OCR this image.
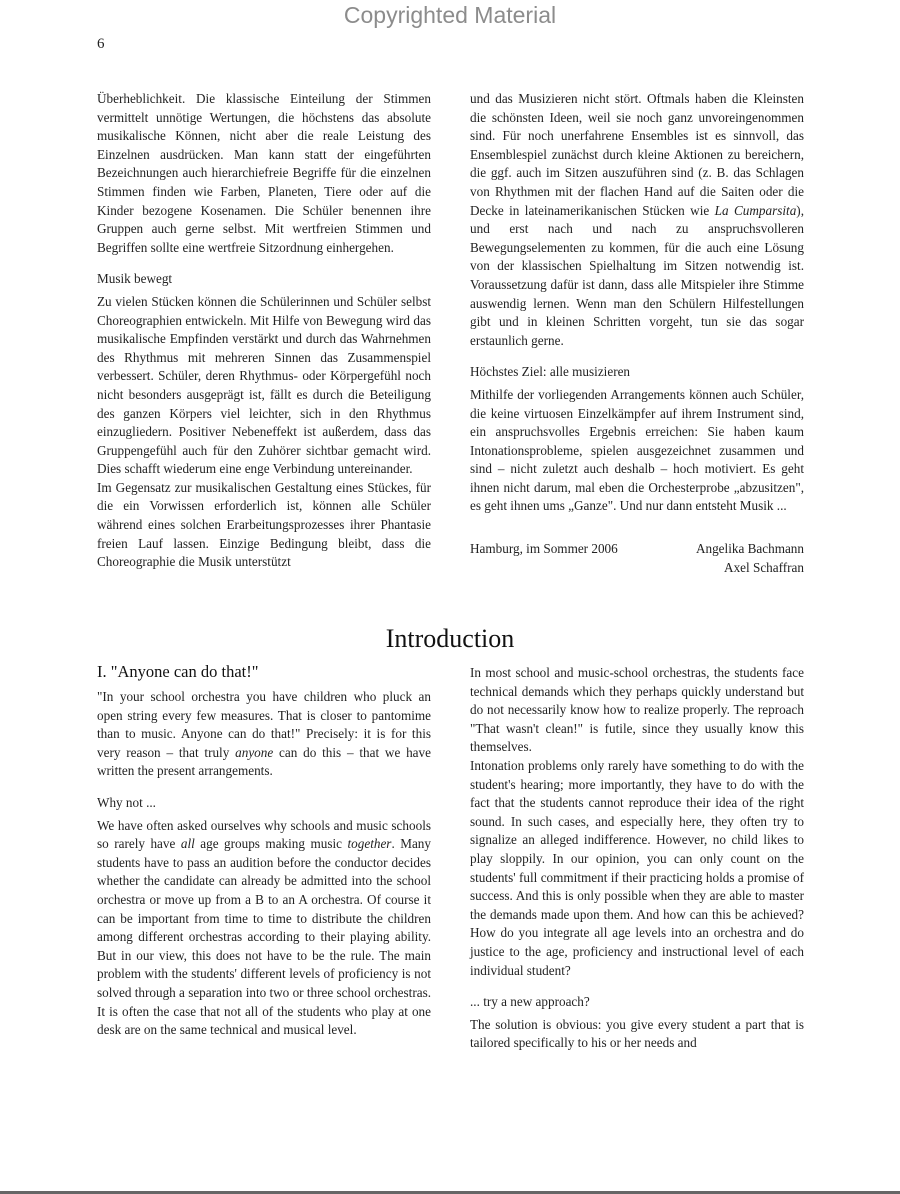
Copyrighted Material
6

Überheblichkeit. Die klassische Einteilung der Stimmen vermittelt unnötige Wertungen, die höchstens das absolute musikalische Können, nicht aber die reale Leistung des Einzelnen ausdrücken. Man kann statt der eingeführten Bezeichnungen auch hierarchiefreie Begriffe für die einzelnen Stimmen finden wie Farben, Planeten, Tiere oder auf die Kinder bezogene Kosenamen. Die Schüler benennen ihre Gruppen auch gerne selbst. Mit wertfreien Stimmen und Begriffen sollte eine wertfreie Sitzordnung einhergehen.

Musik bewegt

Zu vielen Stücken können die Schülerinnen und Schüler selbst Choreographien entwickeln. Mit Hilfe von Bewegung wird das musikalische Empfinden verstärkt und durch das Wahrnehmen des Rhythmus mit mehreren Sinnen das Zusammenspiel verbessert. Schüler, deren Rhythmus- oder Körpergefühl noch nicht besonders ausgeprägt ist, fällt es durch die Beteiligung des ganzen Körpers viel leichter, sich in den Rhythmus einzugliedern. Positiver Nebeneffekt ist außerdem, dass das Gruppengefühl auch für den Zuhörer sichtbar gemacht wird. Dies schafft wiederum eine enge Verbindung untereinander.

Im Gegensatz zur musikalischen Gestaltung eines Stückes, für die ein Vorwissen erforderlich ist, können alle Schüler während eines solchen Erarbeitungsprozesses ihrer Phantasie freien Lauf lassen. Einzige Bedingung bleibt, dass die Choreographie die Musik unterstützt

und das Musizieren nicht stört. Oftmals haben die Kleinsten die schönsten Ideen, weil sie noch ganz unvoreingenommen sind. Für noch unerfahrene Ensembles ist es sinnvoll, das Ensemblespiel zunächst durch kleine Aktionen zu bereichern, die ggf. auch im Sitzen auszuführen sind (z. B. das Schlagen von Rhythmen mit der flachen Hand auf die Saiten oder die Decke in lateinamerikanischen Stücken wie La Cumparsita), und erst nach und nach zu anspruchsvolleren Bewegungselementen zu kommen, für die auch eine Lösung von der klassischen Spielhaltung im Sitzen notwendig ist. Voraussetzung dafür ist dann, dass alle Mitspieler ihre Stimme auswendig lernen. Wenn man den Schülern Hilfestellungen gibt und in kleinen Schritten vorgeht, tun sie das sogar erstaunlich gerne.

Höchstes Ziel: alle musizieren

Mithilfe der vorliegenden Arrangements können auch Schüler, die keine virtuosen Einzelkämpfer auf ihrem Instrument sind, ein anspruchsvolles Ergebnis erreichen: Sie haben kaum Intonationsprobleme, spielen ausgezeichnet zusammen und sind – nicht zuletzt auch deshalb – hoch motiviert. Es geht ihnen nicht darum, mal eben die Orchesterprobe „abzusitzen", es geht ihnen ums „Ganze". Und nur dann entsteht Musik ...

Hamburg, im Sommer 2006	Angelika Bachmann
Axel Schaffran
Introduction
I. "Anyone can do that!"

"In your school orchestra you have children who pluck an open string every few measures. That is closer to pantomime than to music. Anyone can do that!" Precisely: it is for this very reason – that truly anyone can do this – that we have written the present arrangements.

Why not ...

We have often asked ourselves why schools and music schools so rarely have all age groups making music together. Many students have to pass an audition before the conductor decides whether the candidate can already be admitted into the school orchestra or move up from a B to an A orchestra. Of course it can be important from time to time to distribute the children among different orchestras according to their playing ability. But in our view, this does not have to be the rule. The main problem with the students' different levels of proficiency is not solved through a separation into two or three school orchestras. It is often the case that not all of the students who play at one desk are on the same technical and musical level.

In most school and music-school orchestras, the students face technical demands which they perhaps quickly understand but do not necessarily know how to realize properly. The reproach "That wasn't clean!" is futile, since they usually know this themselves.

Intonation problems only rarely have something to do with the student's hearing; more importantly, they have to do with the fact that the students cannot reproduce their idea of the right sound. In such cases, and especially here, they often try to signalize an alleged indifference. However, no child likes to play sloppily. In our opinion, you can only count on the students' full commitment if their practicing holds a promise of success. And this is only possible when they are able to master the demands made upon them. And how can this be achieved? How do you integrate all age levels into an orchestra and do justice to the age, proficiency and instructional level of each individual student?

... try a new approach?

The solution is obvious: you give every student a part that is tailored specifically to his or her needs and
